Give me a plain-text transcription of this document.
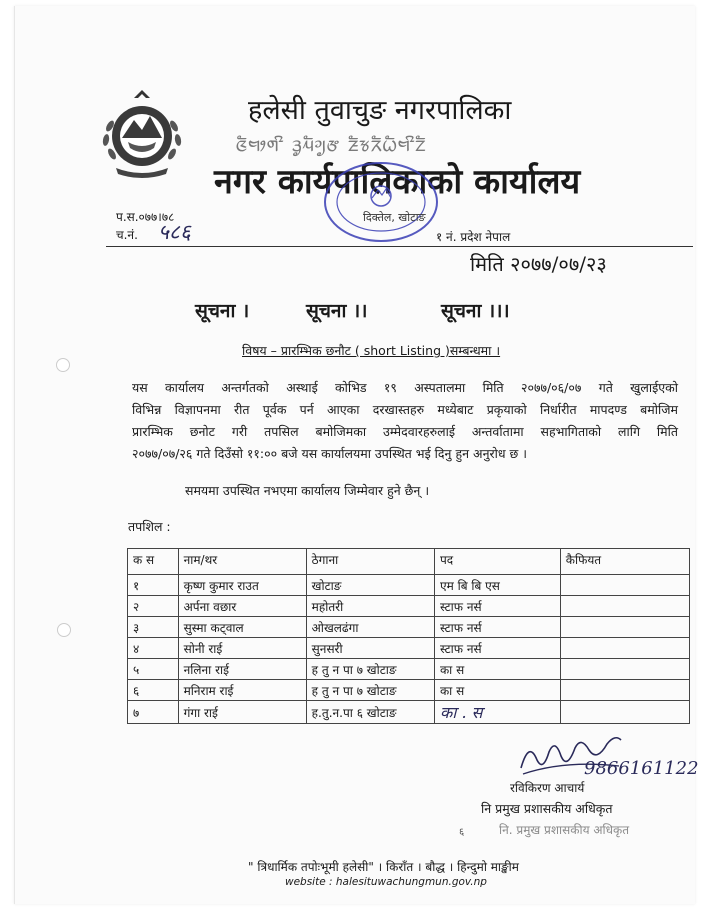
हलेसी तुवाचुङ नगरपालिका
ᤜᤠᤗᤣᤛᤡ ᤋᤢᤘᤠᤆᤢᤅ ᤏᤠᤃᤖᤠᤐᤠᤗᤡᤁᤠ
नगर कार्यपालिकाको कार्यालय
दिक्तेल, खोटाङ
प.स.०७७।७८
च.नं. ५८६	१ नं. प्रदेश नेपाल
मिति २०७७/०७/२३
सूचना ।	सूचना ।।	सूचना ।।।
विषय – प्रारम्भिक छनौट ( short Listing )सम्बन्धमा ।
यस कार्यालय अन्तर्गतको अस्थाई कोभिड १९ अस्पतालमा मिति २०७७/०६/०७ गते खुलाईएको
विभिन्न विज्ञापनमा रीत पूर्वक पर्न आएका दरखास्तहरु मध्येबाट प्रकृयाको निर्धारीत मापदण्ड बमोजिम
प्रारम्भिक छनोट गरी तपसिल बमोजिमका उम्मेदवारहरुलाई अन्तर्वातामा सहभागिताको लागि मिति
२०७७/०७/२६ गते दिउँसो ११:०० बजे यस कार्यालयमा उपस्थित भई दिनु हुन अनुरोध छ ।
समयमा उपस्थित नभएमा कार्यालय जिम्मेवार हुने छैन् ।
तपशिल :
क स	नाम/थर	ठेगाना	पद	कैफियत
१	कृष्ण कुमार राउत	खोटाङ	एम बि बि एस	
२	अर्पना वछार	महोतरी	स्टाफ नर्स	
३	सुस्मा कट्वाल	ओखलढंगा	स्टाफ नर्स	
४	सोनी राई	सुनसरी	स्टाफ नर्स	
५	नलिना राई	ह तु न पा ७ खोटाङ	का स	
६	मनिराम राई	ह तु न पा ७ खोटाङ	का स	
७	गंगा राई	ह.तु.न.पा ६ खोटाङ	का . स	
9866161122
रविकिरण आचार्य
नि प्रमुख प्रशासकीय अधिकृत
६	नि. प्रमुख प्रशासकीय अधिकृत
" त्रिधार्मिक तपोःभूमी हलेसी" । किराँत । बौद्ध । हिन्दुमो माङ्खीम
website : halesituwachungmun.gov.np
